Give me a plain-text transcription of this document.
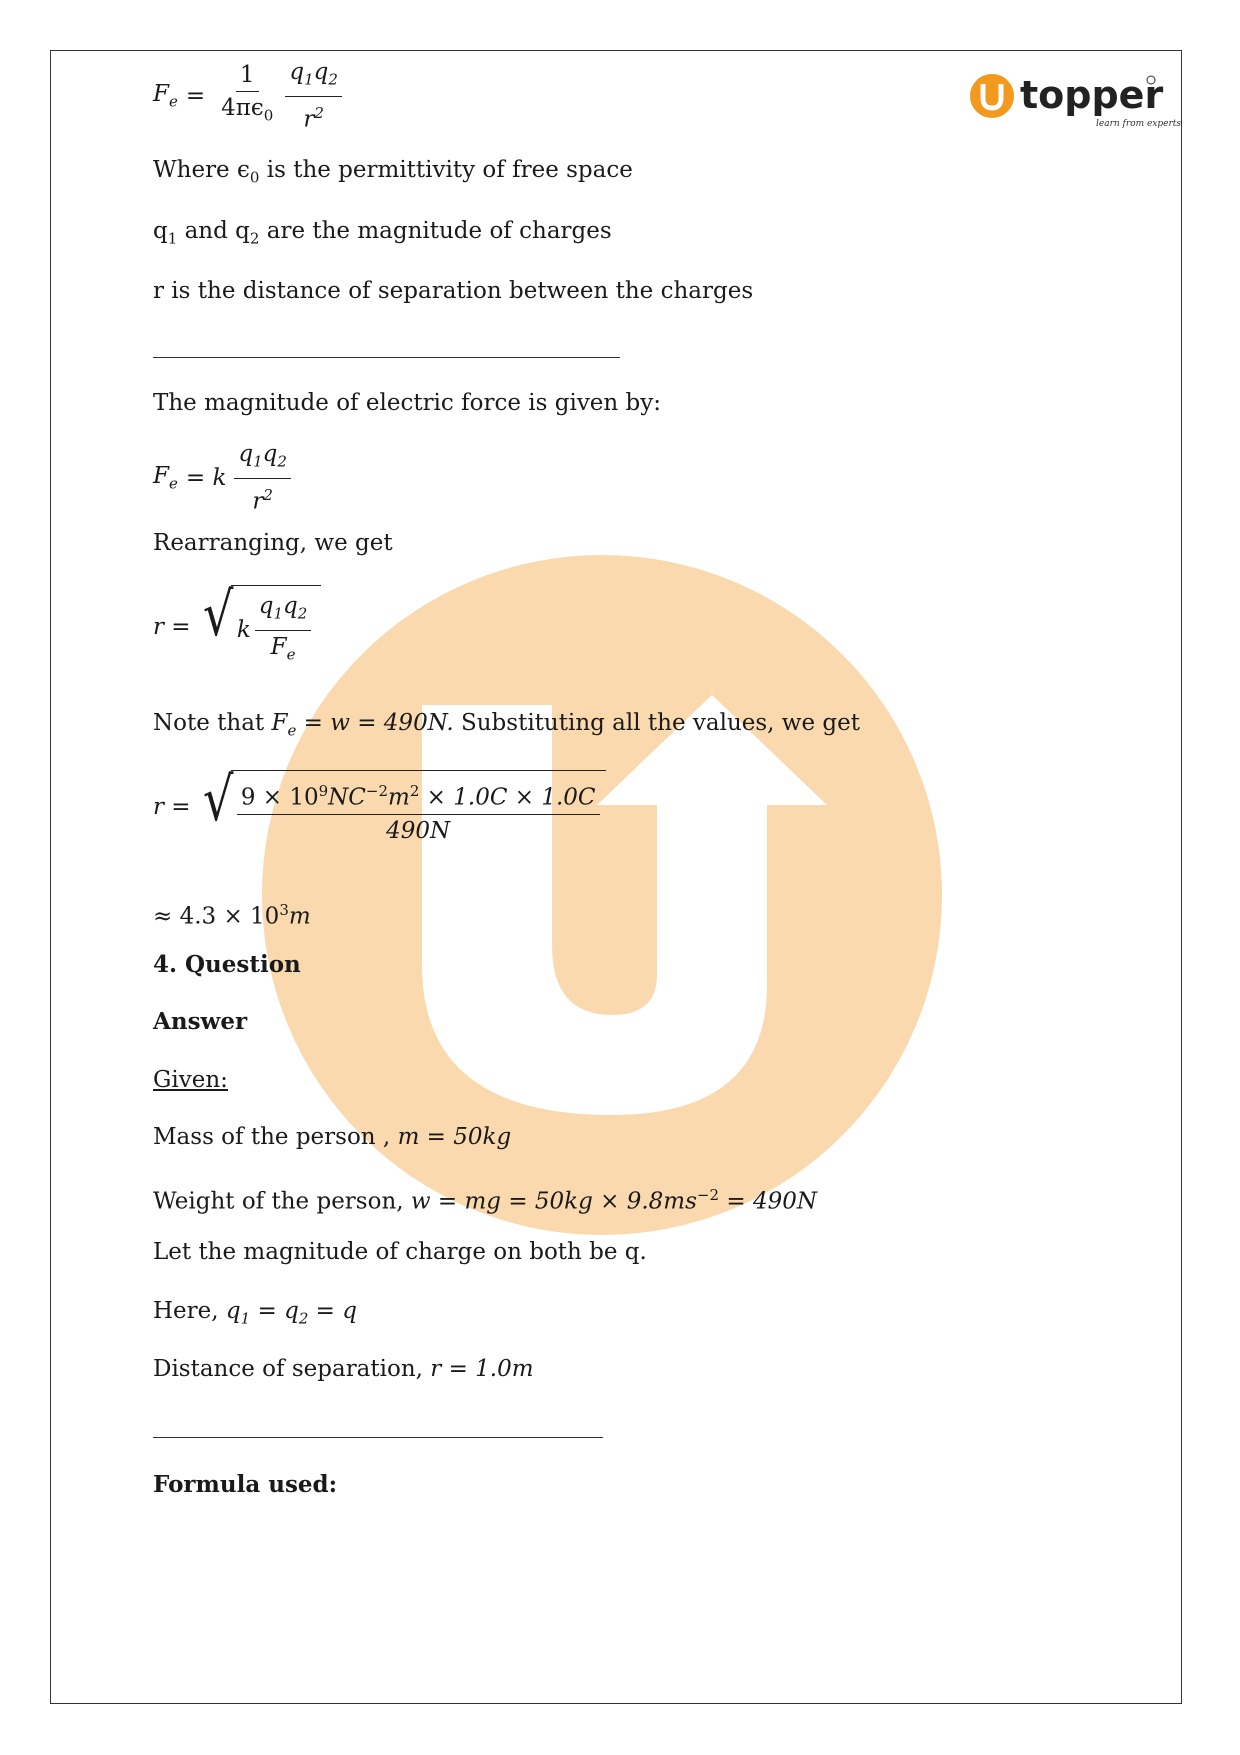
topper
learn from experts
$F_e = \frac{1}{4\pi\epsilon_0} \frac{q_1q_2}{r^2}$
Where $\epsilon_0$ is the permittivity of free space
$q_1$ and $q_2$ are the magnitude of charges
r is the distance of separation between the charges
The magnitude of electric force is given by:
$F_e = k \frac{q_1q_2}{r^2}$
Rearranging, we get
r = √ k $\frac{q_1q_2}{F_e}$
Note that $F_e = w = 490N$. Substituting all the values, we get
r = √ $\frac{9 \times 10^9NC^{-2}m^2 \times 1.0C \times 1.0C}{490N}$
≈ $4.3 \times 10^3m$
4. Question
Answer
Given:
Mass of the person , m = 50kg
Weight of the person, w = mg = $50kg \times 9.8ms^{-2} = 490N$
Let the magnitude of charge on both be q.
Here, $q_1 = q_2 = q$
Distance of separation, r = 1.0m
Formula used:
